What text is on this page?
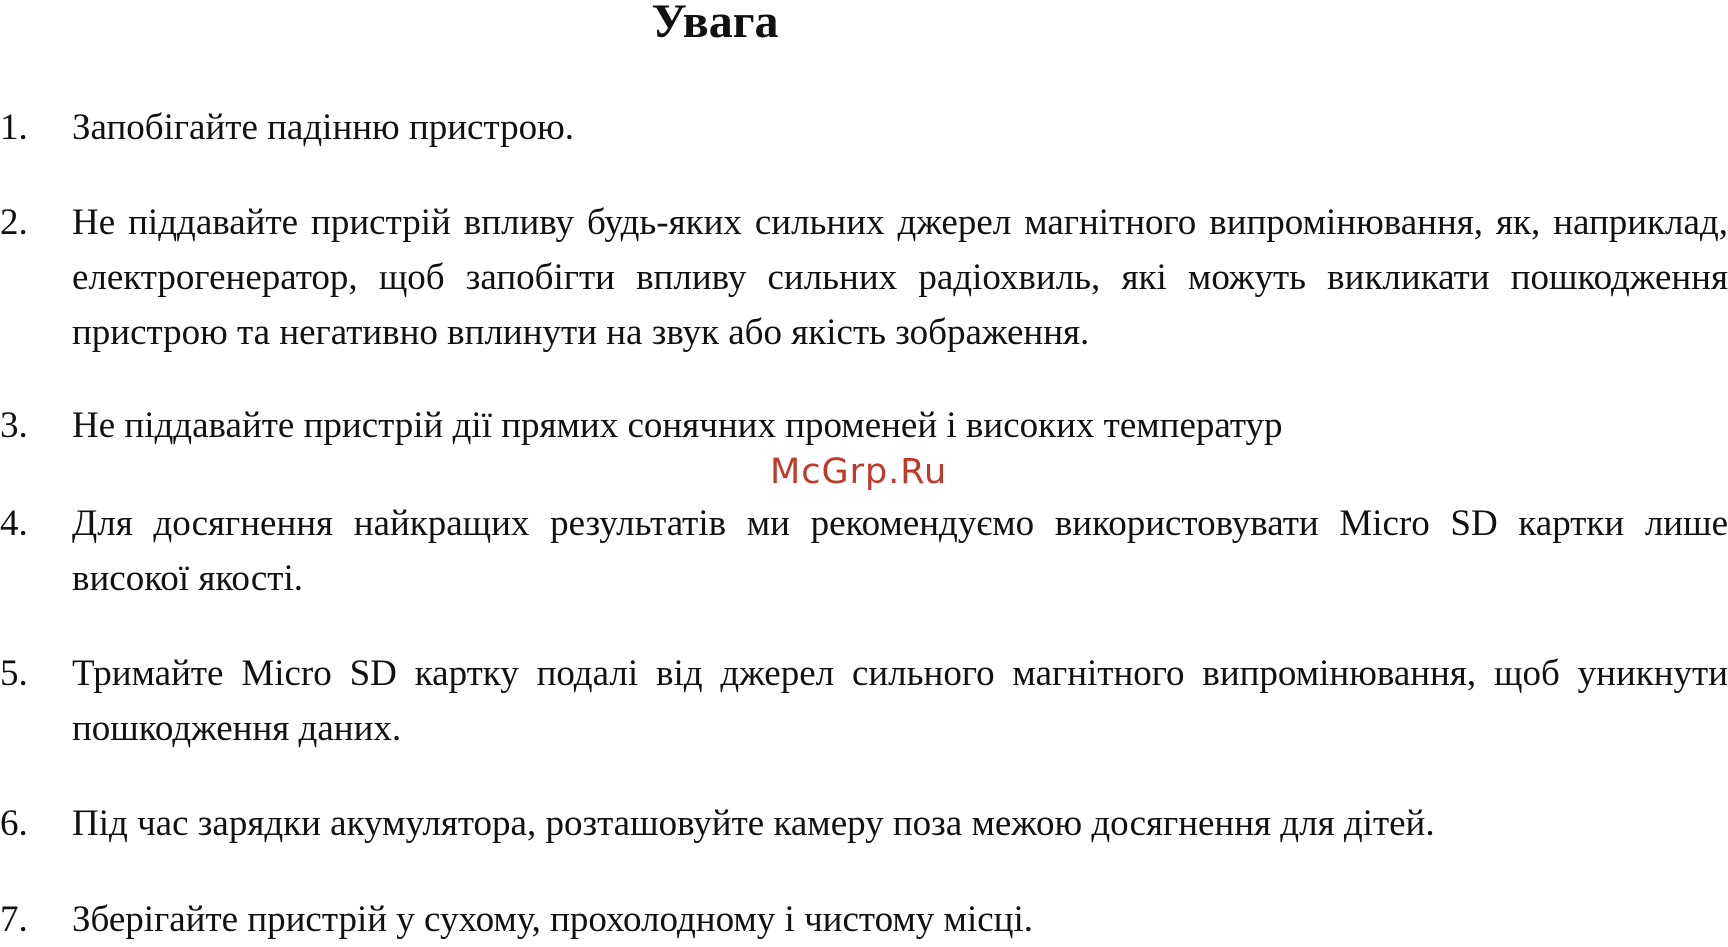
Увага
1.	Запобігайте падінню пристрою.
2.	Не піддавайте пристрій впливу будь-яких сильних джерел магнітного випромінювання, як, наприклад, електрогенератор, щоб запобігти впливу сильних радіохвиль, які можуть викликати пошкодження пристрою та негативно вплинути на звук або якість зображення.
3.	Не піддавайте пристрій дії прямих сонячних променей і високих температур
McGrp.Ru
4.	Для досягнення найкращих результатів ми рекомендуємо використовувати Micro SD картки лише високої якості.
5.	Тримайте Micro SD картку подалі від джерел сильного магнітного випромінювання, щоб уникнути пошкодження даних.
6.	Під час зарядки акумулятора, розташовуйте камеру поза межою досягнення для дітей.
7.	Зберігайте пристрій у сухому, прохолодному і чистому місці.
